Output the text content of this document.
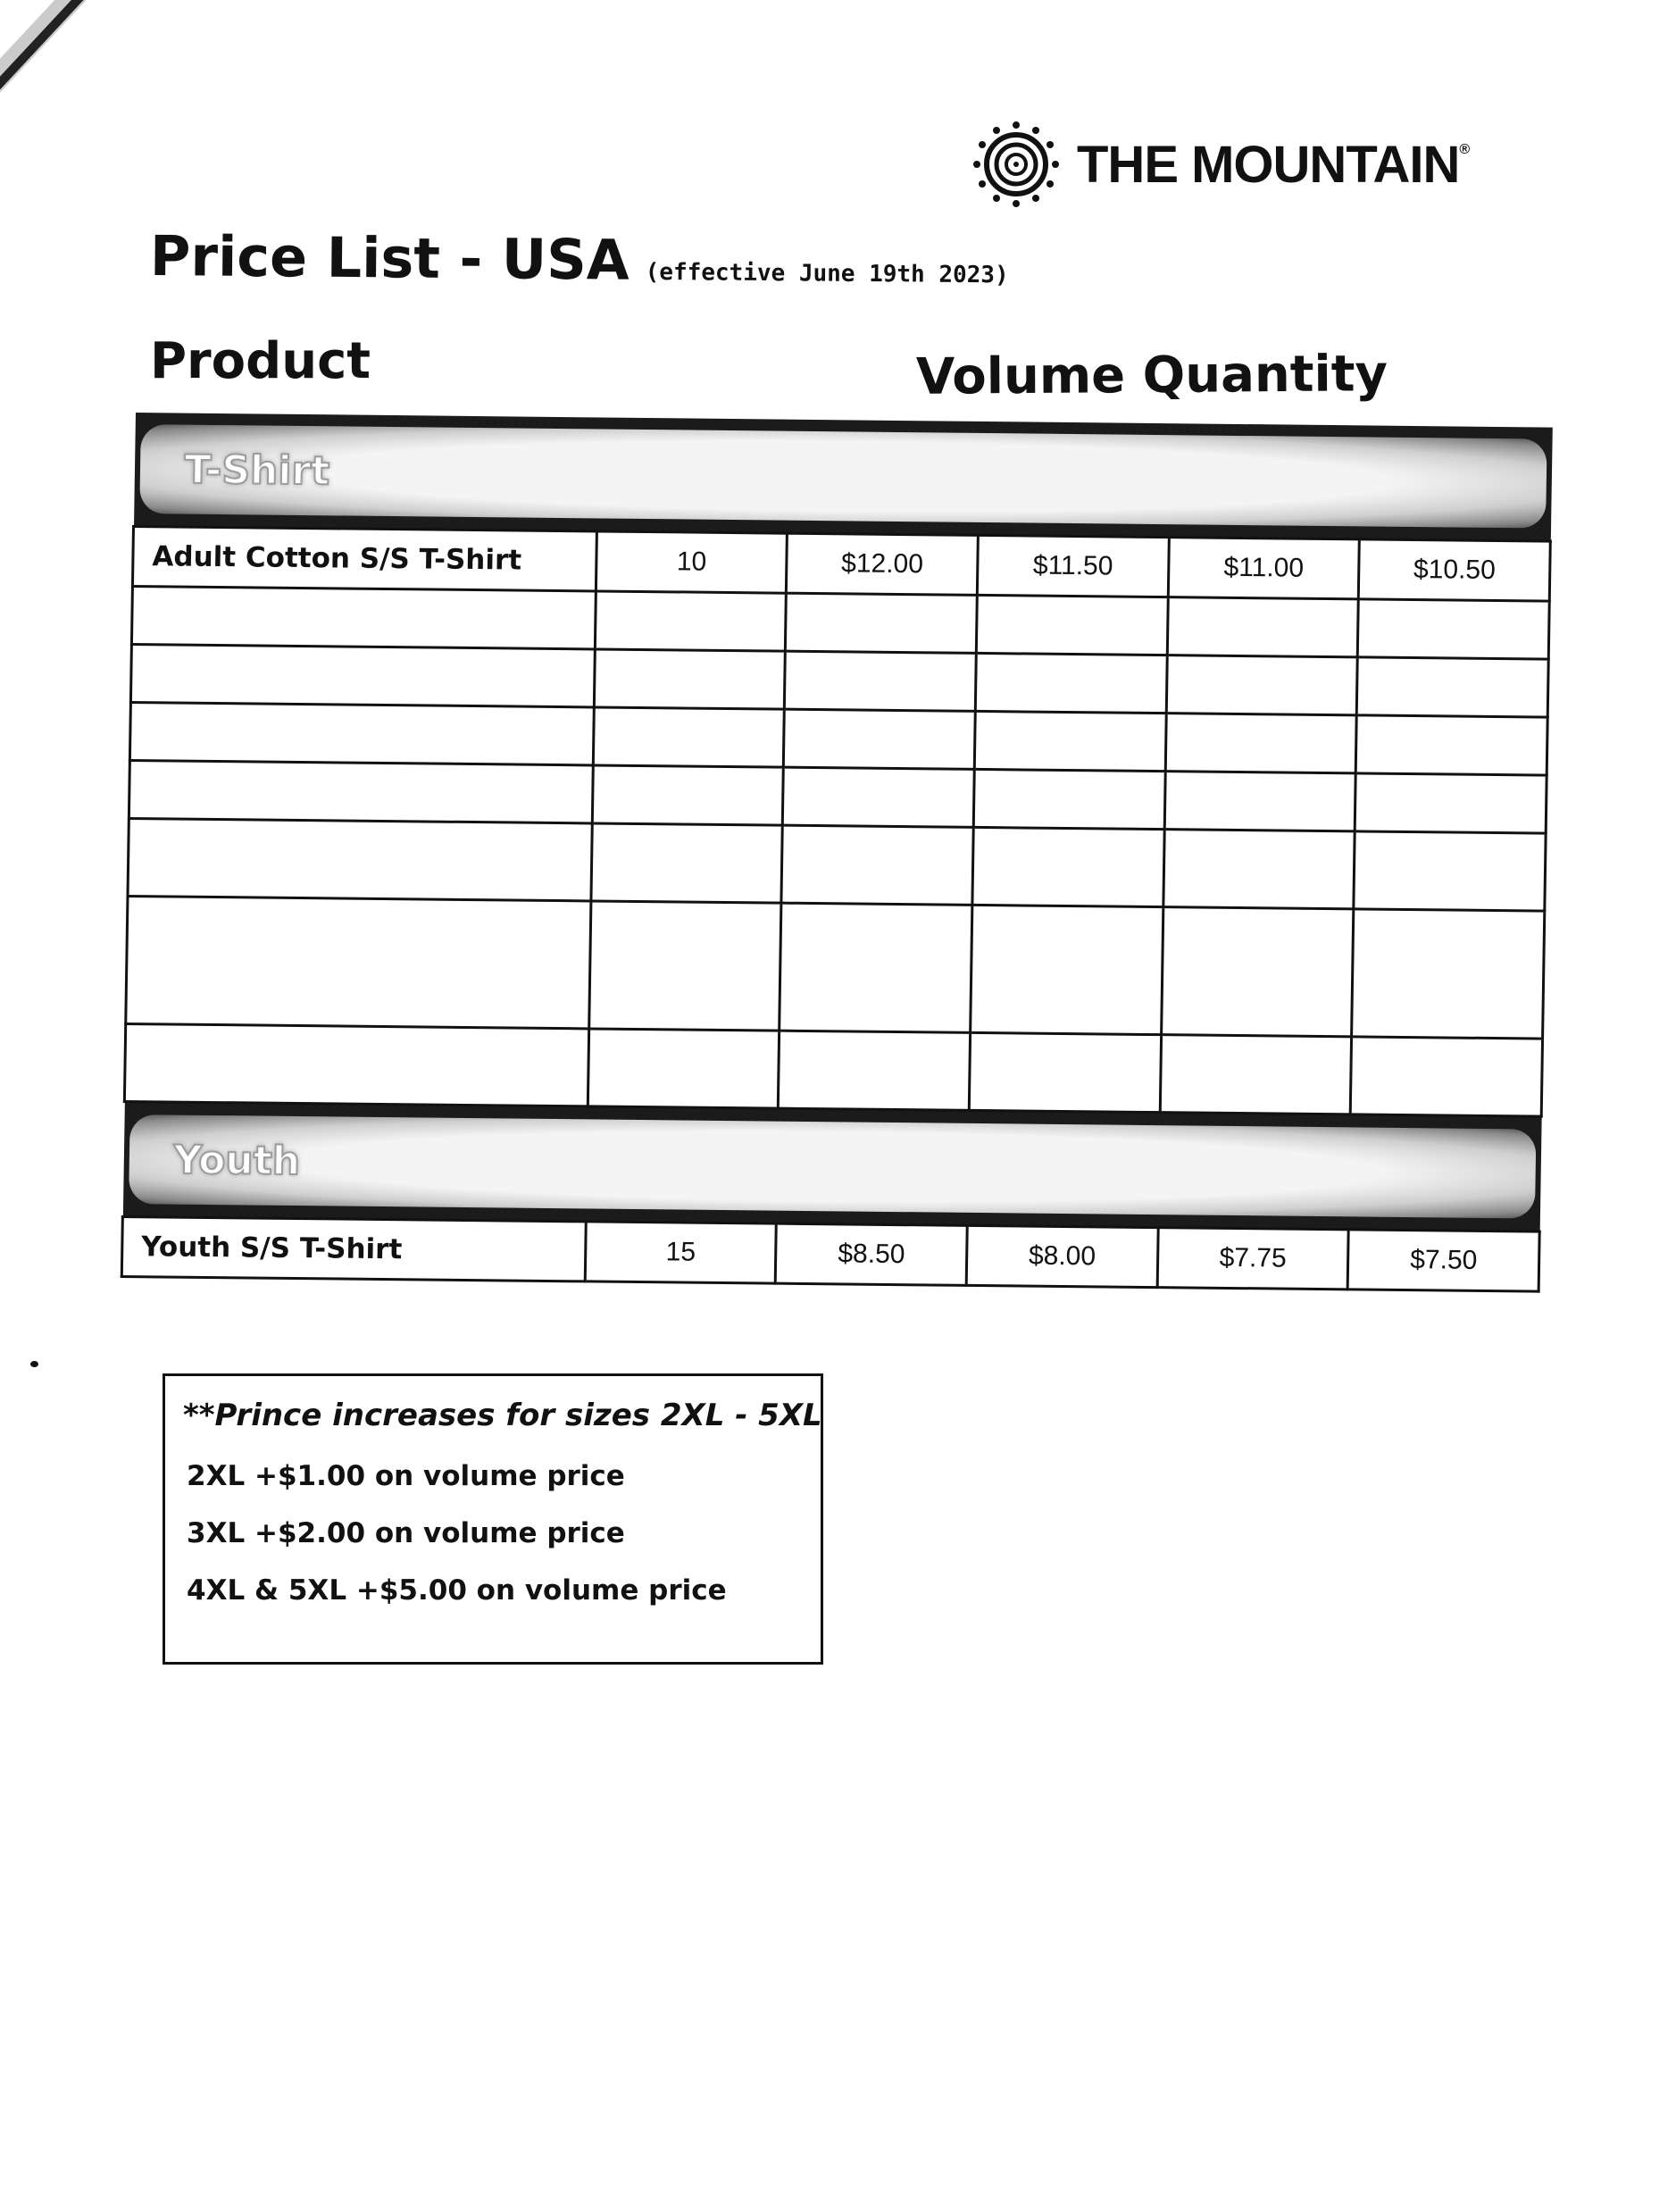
THE MOUNTAIN®
Price List - USA (effective June 19th 2023)
Product	Volume Quantity
T-Shirt					

Adult Cotton S/S T-Shirt	10	$12.00	$11.50	$11.00	$10.50

Youth					

Youth S/S T-Shirt	15	$8.50	$8.00	$7.75	$7.50
**Prince increases for sizes 2XL - 5XL
2XL +$1.00 on volume price
3XL +$2.00 on volume price
4XL & 5XL +$5.00 on volume price
